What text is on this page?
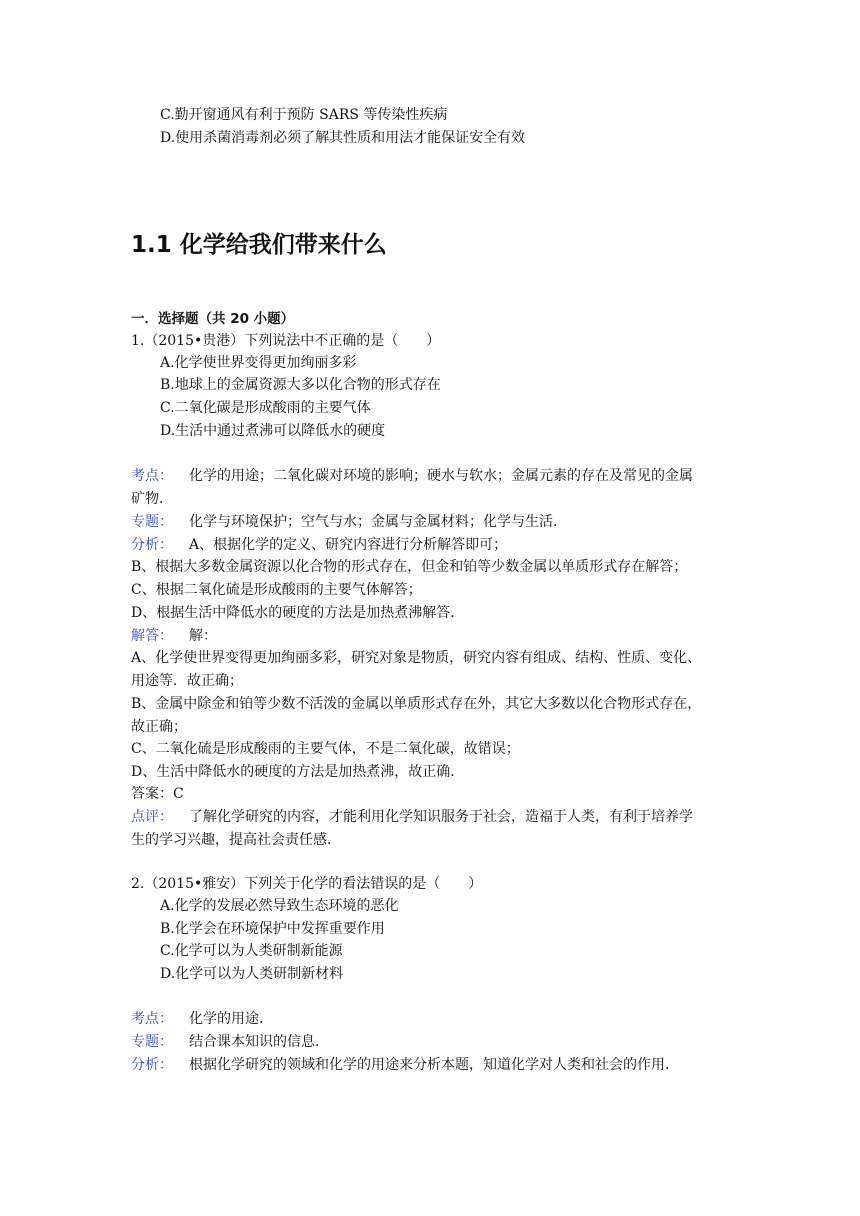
C.勤开窗通风有利于预防 SARS 等传染性疾病
D.使用杀菌消毒剂必须了解其性质和用法才能保证安全有效
1.1 化学给我们带来什么
一．选择题（共 20 小题）
1.（2015•贵港）下列说法中不正确的是（　　）
A.化学使世界变得更加绚丽多彩
B.地球上的金属资源大多以化合物的形式存在
C.二氧化碳是形成酸雨的主要气体
D.生活中通过煮沸可以降低水的硬度
考点： 化学的用途；二氧化碳对环境的影响；硬水与软水；金属元素的存在及常见的金属
矿物．
专题： 化学与环境保护；空气与水；金属与金属材料；化学与生活．
分析： A、根据化学的定义、研究内容进行分析解答即可；
B、根据大多数金属资源以化合物的形式存在，但金和铂等少数金属以单质形式存在解答；
C、根据二氧化硫是形成酸雨的主要气体解答；
D、根据生活中降低水的硬度的方法是加热煮沸解答．
解答： 解：
A、化学使世界变得更加绚丽多彩，研究对象是物质，研究内容有组成、结构、性质、变化、
用途等．故正确；
B、金属中除金和铂等少数不活泼的金属以单质形式存在外，其它大多数以化合物形式存在，
故正确；
C、二氧化硫是形成酸雨的主要气体，不是二氧化碳，故错误；
D、生活中降低水的硬度的方法是加热煮沸，故正确．
答案：C
点评： 了解化学研究的内容，才能利用化学知识服务于社会，造福于人类，有利于培养学
生的学习兴趣，提高社会责任感．
2.（2015•雅安）下列关于化学的看法错误的是（　　）
A.化学的发展必然导致生态环境的恶化
B.化学会在环境保护中发挥重要作用
C.化学可以为人类研制新能源
D.化学可以为人类研制新材料
考点： 化学的用途．
专题： 结合课本知识的信息．
分析： 根据化学研究的领域和化学的用途来分析本题，知道化学对人类和社会的作用．
